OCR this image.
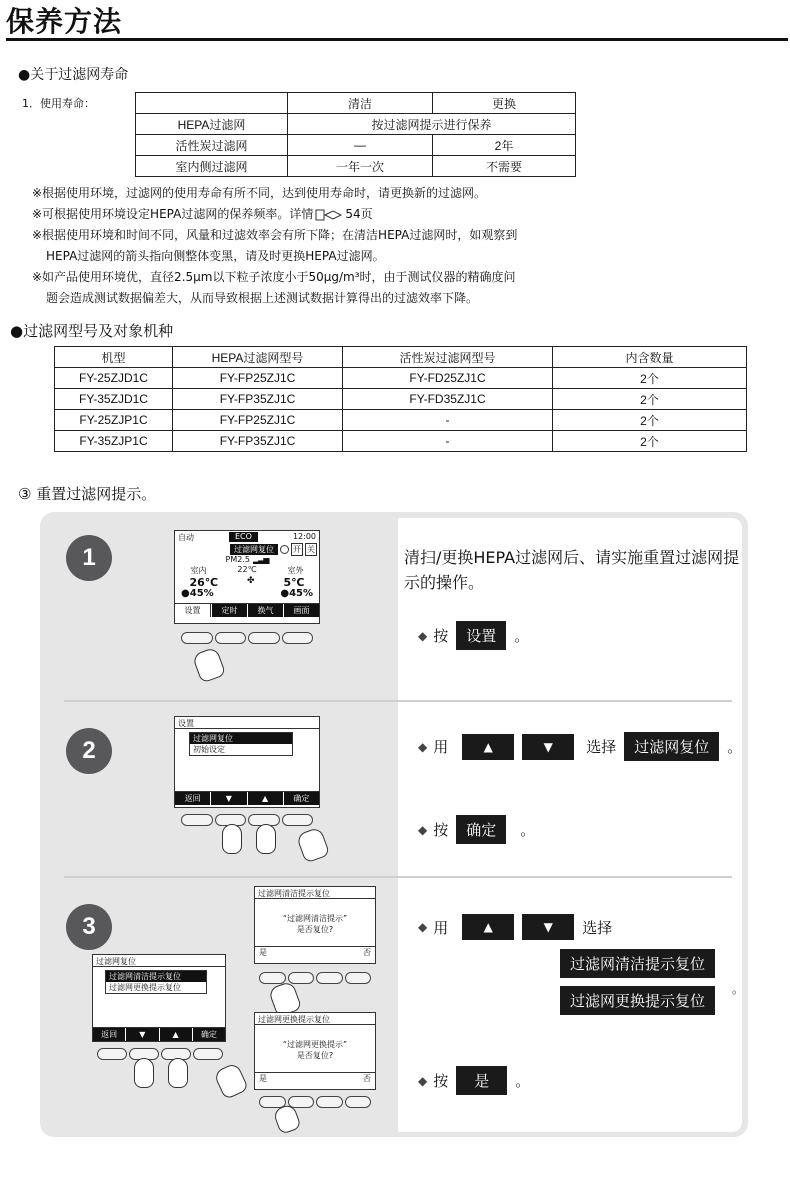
保养方法
●关于过滤网寿命
1．使用寿命：
		清洁	更换
HEPA过滤网	按过滤网提示进行保养	
活性炭过滤网	—	2年
室内侧过滤网	一年一次	不需要
※根据使用环境，过滤网的使用寿命有所不同，达到使用寿命时，请更换新的过滤网。
※可根据使用环境设定HEPA过滤网的保养频率。详情	54页
※根据使用环境和时间不同，风量和过滤效率会有所下降；在清洁HEPA过滤网时，如观察到
HEPA过滤网的箭头指向侧整体变黑，请及时更换HEPA过滤网。
※如产品使用环境优，直径2.5μm以下粒子浓度小于50μg/m³时，由于测试仪器的精确度问
题会造成测试数据偏差大，从而导致根据上述测试数据计算得出的过滤效率下降。
●过滤网型号及对象机种
机型	HEPA过滤网型号	活性炭过滤网型号	内含数量
FY-25ZJD1C	FY-FP25ZJ1C	FY-FD25ZJ1C	2个
FY-35ZJD1C	FY-FP35ZJ1C	FY-FD35ZJ1C	2个
FY-25ZJP1C	FY-FP25ZJ1C	-	2个
FY-35ZJP1C	FY-FP35ZJ1C	-	2个
③ 重置过滤网提示。
1
自动	ECO	12:00
过滤网复位	开 关
PM2.5 ▂▃▅
室内	22℃	室外
26℃	✤	5℃
●45%	●45%
设置	定时	换气	画面
清扫/更换HEPA过滤网后、请实施重置过滤网提示的操作。
◆ 按	设置	。
2
设置
过滤网复位
初始设定
返回	▼	▲	确定
◆ 用	▲	▼	选择	过滤网复位	。
◆ 按	确定	。
3
过滤网复位
过滤网清洁提示复位
过滤网更换提示复位
返回	▼	▲	确定
过滤网清洁提示复位
“过滤网清洁提示”
是否复位?
是	否
过滤网更换提示复位
“过滤网更换提示”
是否复位?
是	否
◆ 用	▲	▼	选择
过滤网清洁提示复位
过滤网更换提示复位
。
◆ 按	是	。
